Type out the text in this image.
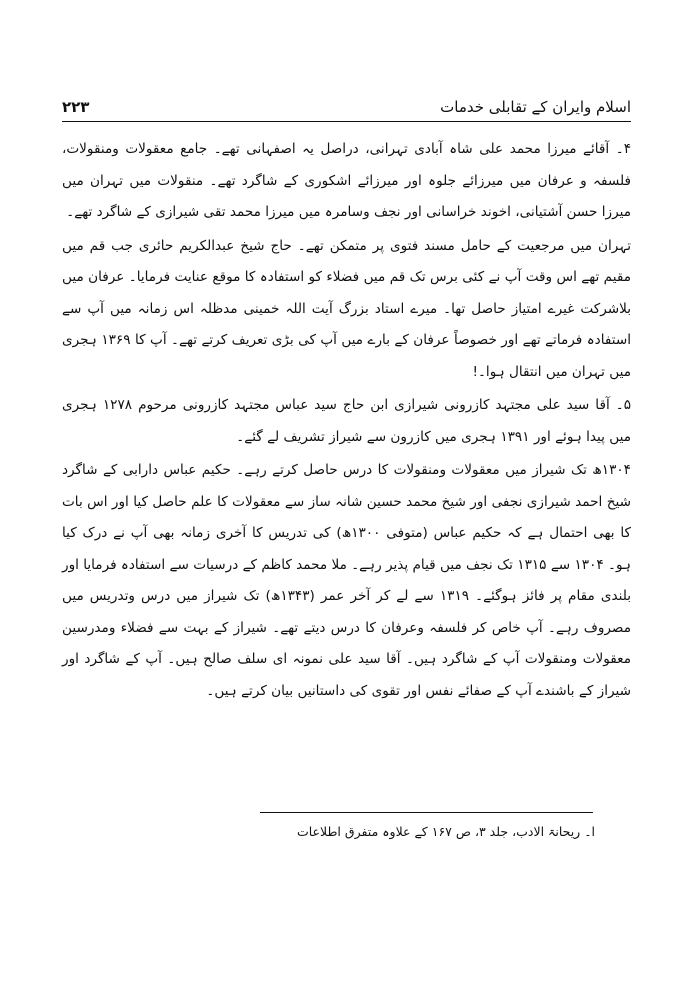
اسلام وایران کے تقابلی خدمات
۲۲۳

۴۔ آقائے میرزا محمد علی شاہ آبادی تہرانی، دراصل یہ اصفہانی تھے۔ جامع معقولات ومنقولات، فلسفہ و عرفان میں میرزائے جلوہ اور میرزائے اشکوری کے شاگرد تھے۔ منقولات میں تہران میں میرزا حسن آشتیانی، اخوند خراسانی اور نجف وسامرہ میں میرزا محمد تقی شیرازی کے شاگرد تھے۔

تہران میں مرجعیت کے حامل مسند فتوی پر متمکن تھے۔ حاج شیخ عبدالکریم حائری جب قم میں مقیم تھے اس وقت آپ نے کئی برس تک قم میں فضلاء کو استفادہ کا موقع عنایت فرمایا۔ عرفان میں بلاشرکت غیرے امتیاز حاصل تھا۔ میرے استاد بزرگ آیت اللہ خمینی مدظلہ اس زمانہ میں آپ سے استفادہ فرماتے تھے اور خصوصاً عرفان کے بارے میں آپ کی بڑی تعریف کرتے تھے۔ آپ کا ۱۳۶۹ ہجری میں تہران میں انتقال ہوا۔!

۵۔ آقا سید علی مجتہد کازرونی شیرازی ابن حاج سید عباس مجتہد کازرونی مرحوم ۱۲۷۸ ہجری میں پیدا ہوئے اور ۱۳۹۱ ہجری میں کازرون سے شیراز تشریف لے گئے۔

۱۳۰۴ھ تک شیراز میں معقولات ومنقولات کا درس حاصل کرتے رہے۔ حکیم عباس دارابی کے شاگرد شیخ احمد شیرازی نجفی اور شیخ محمد حسین شانہ ساز سے معقولات کا علم حاصل کیا اور اس بات کا بھی احتمال ہے کہ حکیم عباس (متوفی ۱۳۰۰ھ) کی تدریس کا آخری زمانہ بھی آپ نے درک کیا ہو۔ ۱۳۰۴ سے ۱۳۱۵ تک نجف میں قیام پذیر رہے۔ ملا محمد کاظم کے درسیات سے استفادہ فرمایا اور بلندی مقام پر فائز ہوگئے۔ ۱۳۱۹ سے لے کر آخر عمر (۱۳۴۳ھ) تک شیراز میں درس وتدریس میں مصروف رہے۔ آپ خاص کر فلسفہ وعرفان کا درس دیتے تھے۔ شیراز کے بہت سے فضلاء ومدرسین معقولات ومنقولات آپ کے شاگرد ہیں۔ آقا سید علی نمونہ ای سلف صالح ہیں۔ آپ کے شاگرد اور شیراز کے باشندے آپ کے صفائے نفس اور تقوی کی داستانیں بیان کرتے ہیں۔

ا۔ ریحانۃ الادب، جلد ۳، ص ۱۶۷ کے علاوہ متفرق اطلاعات
